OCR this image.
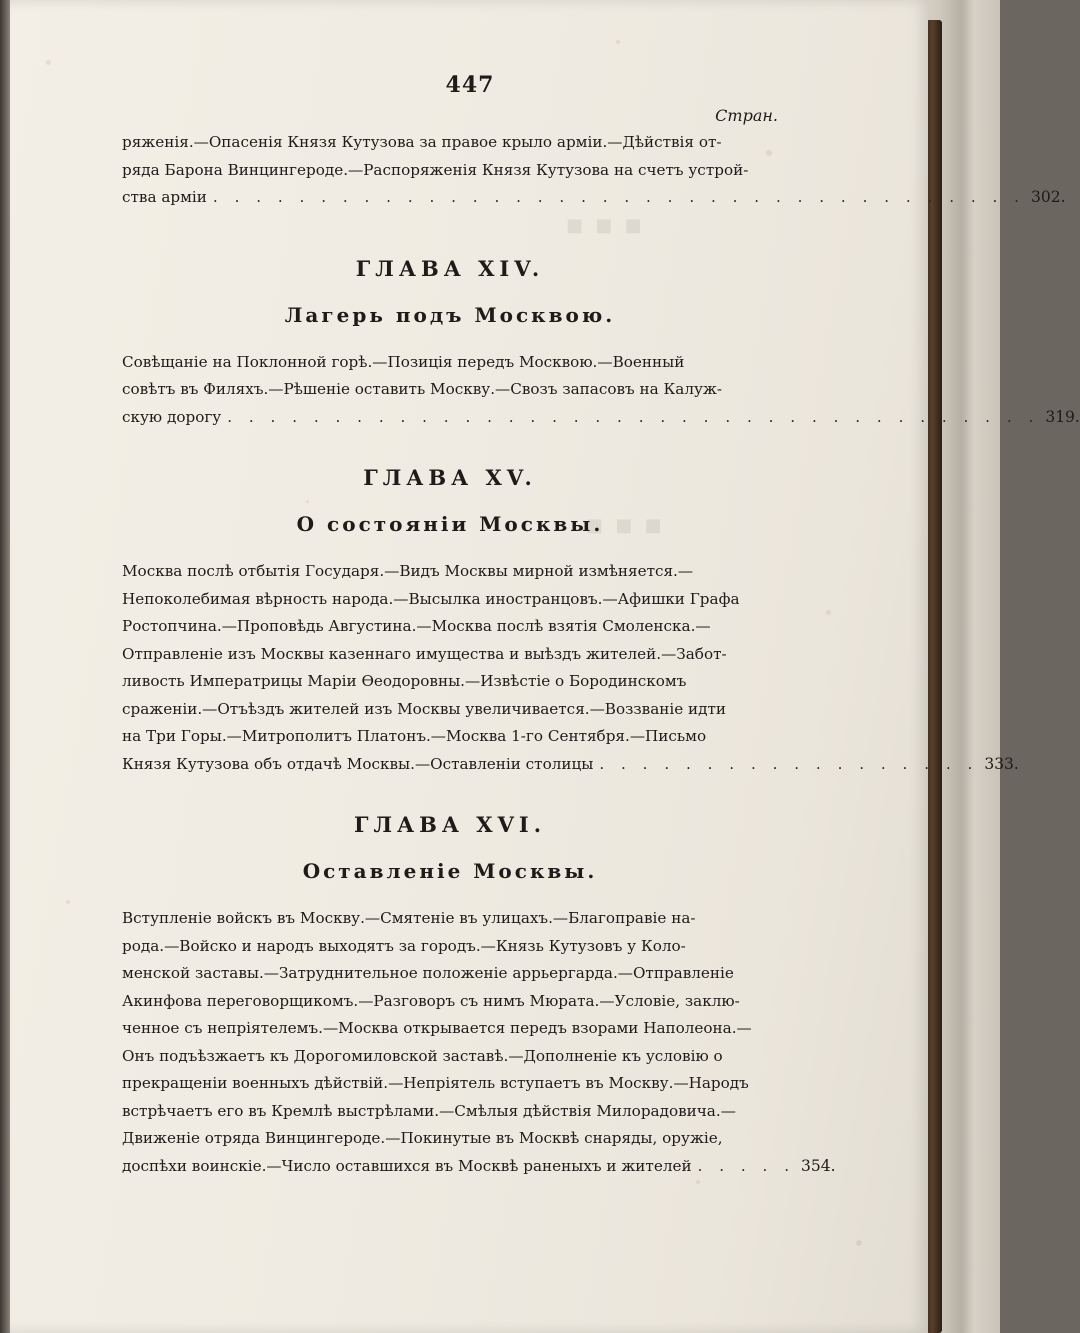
■ ■ ■
■ ■ ■

447

Стран.

ряженія.—Опасенія Князя Кутузова за правое крыло арміи.—Дѣйствія от-
ряда Барона Винцингероде.—Распоряженія Князя Кутузова на счетъ устрой-
ства арміи . . . . . . . . . . . . . . . . . . . . . . . . . . . . . . . . . . . . . . 302.

ГЛАВА XIV.

Лагерь подъ Москвою.

Совѣщаніе на Поклонной горѣ.—Позиція передъ Москвою.—Военный
совѣтъ въ Филяхъ.—Рѣшеніе оставить Москву.—Свозъ запасовъ на Калуж-
скую дорогу . . . . . . . . . . . . . . . . . . . . . . . . . . . . . . . . . . . . . . 319.

ГЛАВА XV.

О состояніи Москвы.

Москва послѣ отбытія Государя.—Видъ Москвы мирной измѣняется.—
Непоколебимая вѣрность народа.—Высылка иностранцовъ.—Афишки Графа
Ростопчина.—Проповѣдь Августина.—Москва послѣ взятія Смоленска.—
Отправленіе изъ Москвы казеннаго имущества и выѣздъ жителей.—Забот-
ливость Императрицы Маріи Ѳеодоровны.—Извѣстіе о Бородинскомъ
сраженіи.—Отъѣздъ жителей изъ Москвы увеличивается.—Воззваніе идти
на Три Горы.—Митрополитъ Платонъ.—Москва 1-го Сентября.—Письмо
Князя Кутузова объ отдачѣ Москвы.—Оставленіи столицы . . . . . . . . . . . . . . . . . . 333.

ГЛАВА XVI.

Оставленіе Москвы.

Вступленіе войскъ въ Москву.—Смятеніе въ улицахъ.—Благоправіе на-
рода.—Войско и народъ выходятъ за городъ.—Князь Кутузовъ у Коло-
менской заставы.—Затруднительное положеніе аррьергарда.—Отправленіе
Акинфова переговорщикомъ.—Разговоръ съ нимъ Мюрата.—Условіе, заклю-
ченное съ непріятелемъ.—Москва открывается передъ взорами Наполеона.—
Онъ подъѣзжаетъ къ Дорогомиловской заставѣ.—Дополненіе къ условію о
прекращеніи военныхъ дѣйствій.—Непріятель вступаетъ въ Москву.—Народъ
встрѣчаетъ его въ Кремлѣ выстрѣлами.—Смѣлыя дѣйствія Милорадовича.—
Движеніе отряда Винцингероде.—Покинутые въ Москвѣ снаряды, оружіе,
доспѣхи воинскіе.—Число оставшихся въ Москвѣ раненыхъ и жителей . . . . . 354.
